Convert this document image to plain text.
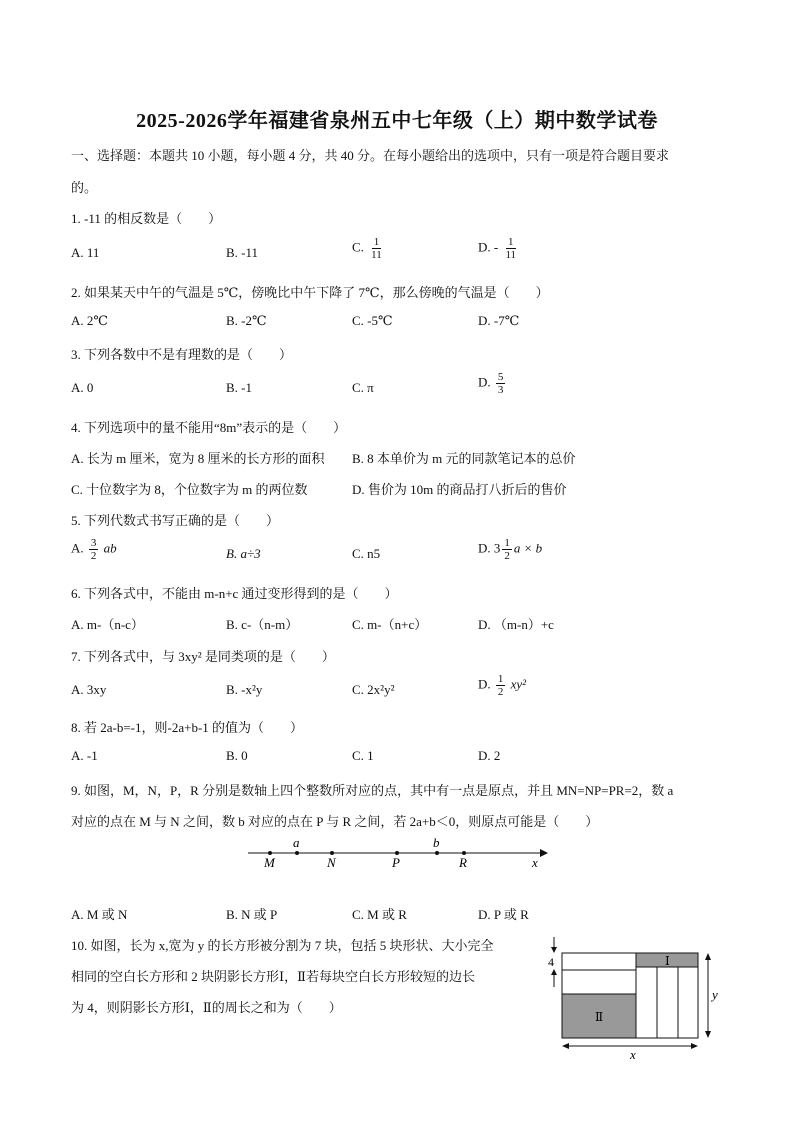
2025-2026学年福建省泉州五中七年级（上）期中数学试卷
一、选择题：本题共 10 小题，每小题 4 分，共 40 分。在每小题给出的选项中，只有一项是符合题目要求
的。
1. -11 的相反数是（　　）
A. 11	B. -11	C. $\frac{1}{11}$	D. - $\frac{1}{11}$
2. 如果某天中午的气温是 5℃，傍晚比中午下降了 7℃，那么傍晚的气温是（　　）
A. 2℃	B. -2℃	C. -5℃	D. -7℃
3. 下列各数中不是有理数的是（　　）
A. 0	B. -1	C. π	D. $\frac{5}{3}$
4. 下列选项中的量不能用“8m”表示的是（　　）
A. 长为 m 厘米，宽为 8 厘米的长方形的面积 B. 8 本单价为 m 元的同款笔记本的总价
C. 十位数字为 8，个位数字为 m 的两位数	D. 售价为 10m 的商品打八折后的售价
5. 下列代数式书写正确的是（　　）
A. $\frac{3}{2}$ ab	B. a÷3	C. n5	D. $3 \frac{1}{2}$ a × b
6. 下列各式中，不能由 m-n+c 通过变形得到的是（　　）
A. m-（n-c）	B. c-（n-m）	C. m-（n+c）	D. （m-n）+c
7. 下列各式中，与 3xy² 是同类项的是（　　）
A. 3xy	B. -x²y	C. 2x²y²	D. $\frac{1}{2} xy^2$
8. 若 2a-b=-1，则-2a+b-1 的值为（　　）
A. -1	B. 0	C. 1	D. 2
9. 如图，M，N，P，R 分别是数轴上四个整数所对应的点，其中有一点是原点，并且 MN=NP=PR=2，数 a
对应的点在 M 与 N 之间，数 b 对应的点在 P 与 R 之间，若 2a+b＜0，则原点可能是（　　）
M
a
N	P
b
R	x
A. M 或 N	B. N 或 P	C. M 或 R	D. P 或 R
10. 如图，长为 x,宽为 y 的长方形被分割为 7 块，包括 5 块形状、大小完全
相同的空白长方形和 2 块阴影长方形Ⅰ，Ⅱ若每块空白长方形较短的边长
为 4，则阴影长方形Ⅰ，Ⅱ的周长之和为（　　）
4
Ⅱ
Ⅰ
y
x
